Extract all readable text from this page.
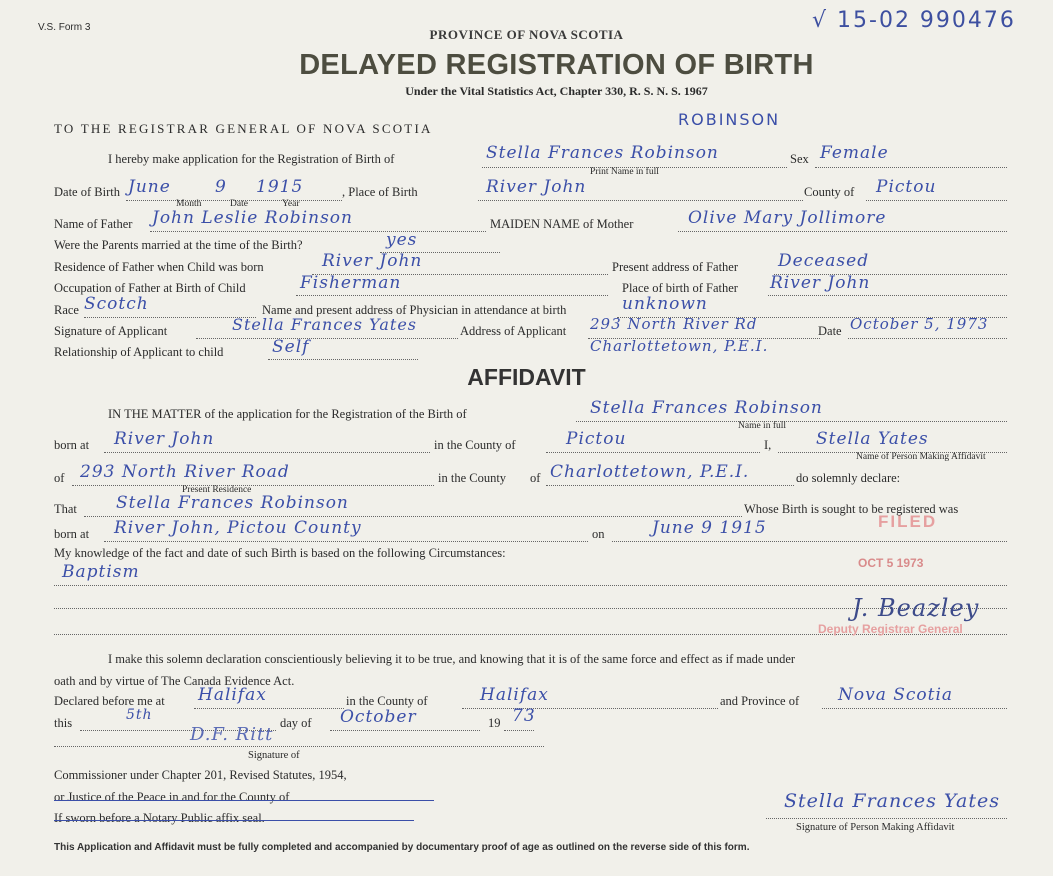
V.S. Form 3	√ 15-02 990476
PROVINCE OF NOVA SCOTIA
DELAYED REGISTRATION OF BIRTH
Under the Vital Statistics Act, Chapter 330, R. S. N. S. 1967
TO THE REGISTRAR GENERAL OF NOVA SCOTIA	ROBINSON
I hereby make application for the Registration of Birth of	Stella Frances Robinson
Print Name in full
Sex Female
Date of Birth June	9 1915
Month	Date	Year
, Place of Birth	River John	County of Pictou
Name of Father John Leslie Robinson	MAIDEN NAME of Mother	Olive Mary Jollimore
Were the Parents married at the time of the Birth?	yes
Residence of Father when Child was born	River John	Present address of Father Deceased
Occupation of Father at Birth of Child	Fisherman	Place of birth of Father River John
Race Scotch	Name and present address of Physician in attendance at birth	unknown
Signature of Applicant	Stella Frances Yates	Address of Applicant 293 North River Rd	Date October 5, 1973
Relationship of Applicant to child	Self	Charlottetown, P.E.I.
AFFIDAVIT
IN THE MATTER of the application for the Registration of the Birth of	Stella Frances Robinson
Name in full
born at River John	in the County of	Pictou	I,	Stella Yates
Name of Person Making Affidavit
of 293 North River Road
Present Residence
in the County of Charlottetown, P.E.I.	do solemnly declare:
That Stella Frances Robinson	Whose Birth is sought to be registered was
born at River John, Pictou County	on	June 9 1915
My knowledge of the fact and date of such Birth is based on the following Circumstances:
Baptism
FILED
OCT 5 1973
J. Beazley
Deputy Registrar General
I make this solemn declaration conscientiously believing it to be true, and knowing that it is of the same force and effect as if made under
oath and by virtue of The Canada Evidence Act.
Declared before me at Halifax	in the County of	Halifax	and Province of Nova Scotia
this	5th	day of October	19 73
D.F. Ritt
Signature of
Commissioner under Chapter 201, Revised Statutes, 1954,
or Justice of the Peace in and for the County of
If sworn before a Notary Public affix seal.
Stella Frances Yates
Signature of Person Making Affidavit
This Application and Affidavit must be fully completed and accompanied by documentary proof of age as outlined on the reverse side of this form.
